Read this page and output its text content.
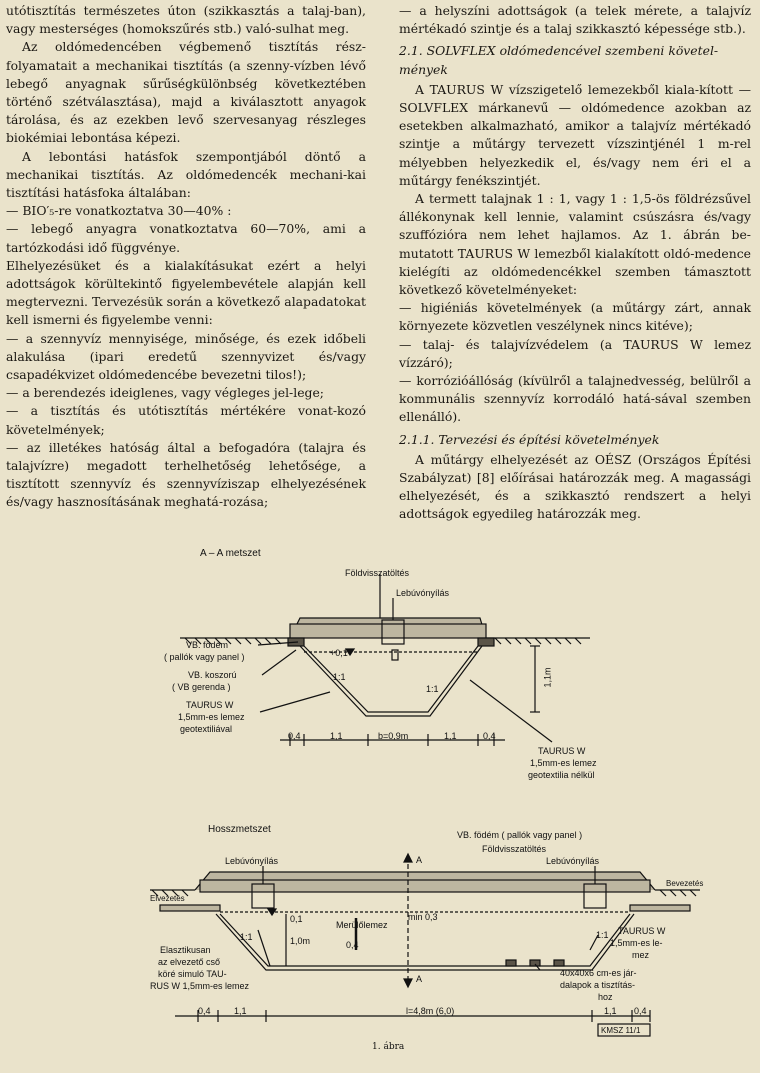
utótisztítás természetes úton (szikkasztás a talaj-ban), vagy mesterséges (homokszűrés stb.) való-sulhat meg.

Az oldómedencében végbemenő tisztítás rész-folyamatait a mechanikai tisztítás (a szenny-vízben lévő lebegő anyagnak sűrűségkülönbség következtében történő szétválasztása), majd a kiválasztott anyagok tárolása, és az ezekben levő szervesanyag részleges biokémiai lebontása képezi.

A lebontási hatásfok szempontjából döntő a mechanikai tisztítás. Az oldómedencék mechani-kai tisztítási hatásfoka általában:

— BIO′₅-re vonatkoztatva 30—40% :

— lebegő anyagra vonatkoztatva 60—70%, ami a tartózkodási idő függvénye.

Elhelyezésüket és a kialakításukat ezért a helyi adottságok körültekintő figyelembevétele alapján kell megtervezni. Tervezésük során a következő alapadatokat kell ismerni és figyelembe venni:

— a szennyvíz mennyisége, minősége, és ezek időbeli alakulása (ipari eredetű szennyvizet és/vagy csapadékvizet oldómedencébe bevezetni tilos!);

— a berendezés ideiglenes, vagy végleges jel-lege;

— a tisztítás és utótisztítás mértékére vonat-kozó követelmények;

— az illetékes hatóság által a befogadóra (talajra és talajvízre) megadott terhelhetőség lehetősége, a tisztított szennyvíz és szennyvíziszap elhelyezésének és/vagy hasznosításának meghatá-rozása;

— a helyszíni adottságok (a telek mérete, a talajvíz mértékadó szintje és a talaj szikkasztó képessége stb.).

2.1. SOLVFLEX oldómedencével szembeni követel-mények

A TAURUS W vízszigetelő lemezekből kiala-kított — SOLVFLEX márkanevű — oldómedence azokban az esetekben alkalmazható, amikor a talajvíz mértékadó szintje a műtárgy tervezett vízszintjénél 1 m-rel mélyebben helyezkedik el, és/vagy nem éri el a műtárgy fenékszintjét.

A termett talajnak 1 : 1, vagy 1 : 1,5-ös földrézsűvel állékonynak kell lennie, valamint csúszásra és/vagy szuffózióra nem lehet hajlamos. Az 1. ábrán be-mutatott TAURUS W lemezből kialakított oldó-medence kielégíti az oldómedencékkel szemben támasztott következő követelményeket:

— higiéniás követelmények (a műtárgy zárt, annak környezete közvetlen veszélynek nincs kitéve);

— talaj- és talajvízvédelem (a TAURUS W lemez vízzáró);

— korrózióállóság (kívülről a talajnedvesség, belülről a kommunális szennyvíz korrodáló hatá-sával szemben ellenálló).

2.1.1. Tervezési és építési követelmények

A műtárgy elhelyezését az OÉSZ (Országos Építési Szabályzat) [8] előírásai határozzák meg. A magassági elhelyezését, és a szikkasztó rendszert a helyi adottságok egyedileg határozzák meg.

A – A metszet
Földvisszatöltés
Lebúvónyílás
VB. födém
( pallók vagy panel )
VB. koszorú
( VB gerenda )
TAURUS W
1,5mm-es lemez
geotextiliával
+0,1
1:1
1:1
1,1m
0,4	1,1	b=0,9m	1,1	0,4
TAURUS W
1,5mm-es lemez
geotextilia nélkül
Hosszmetszet	VB. födém ( pallók vagy panel )
Földvisszatöltés
Lebúvónyílás	Lebúvónyílás
A
A
Elvezetés
Bevezetés
0,1
1:1	1:1
1,0m
Merülőlemez
0,4
min 0,3
Elasztikusan
az elvezető cső
köré simuló TAU-
RUS W 1,5mm-es lemez
TAURUS W
1,5mm-es le-
mez
40x40x6 cm-es jár-
dalapok a tisztítás-
hoz
0,4	1,1	l=4,8m (6,0)	1,1 0,4
KMSZ 11/1
1. ábra
